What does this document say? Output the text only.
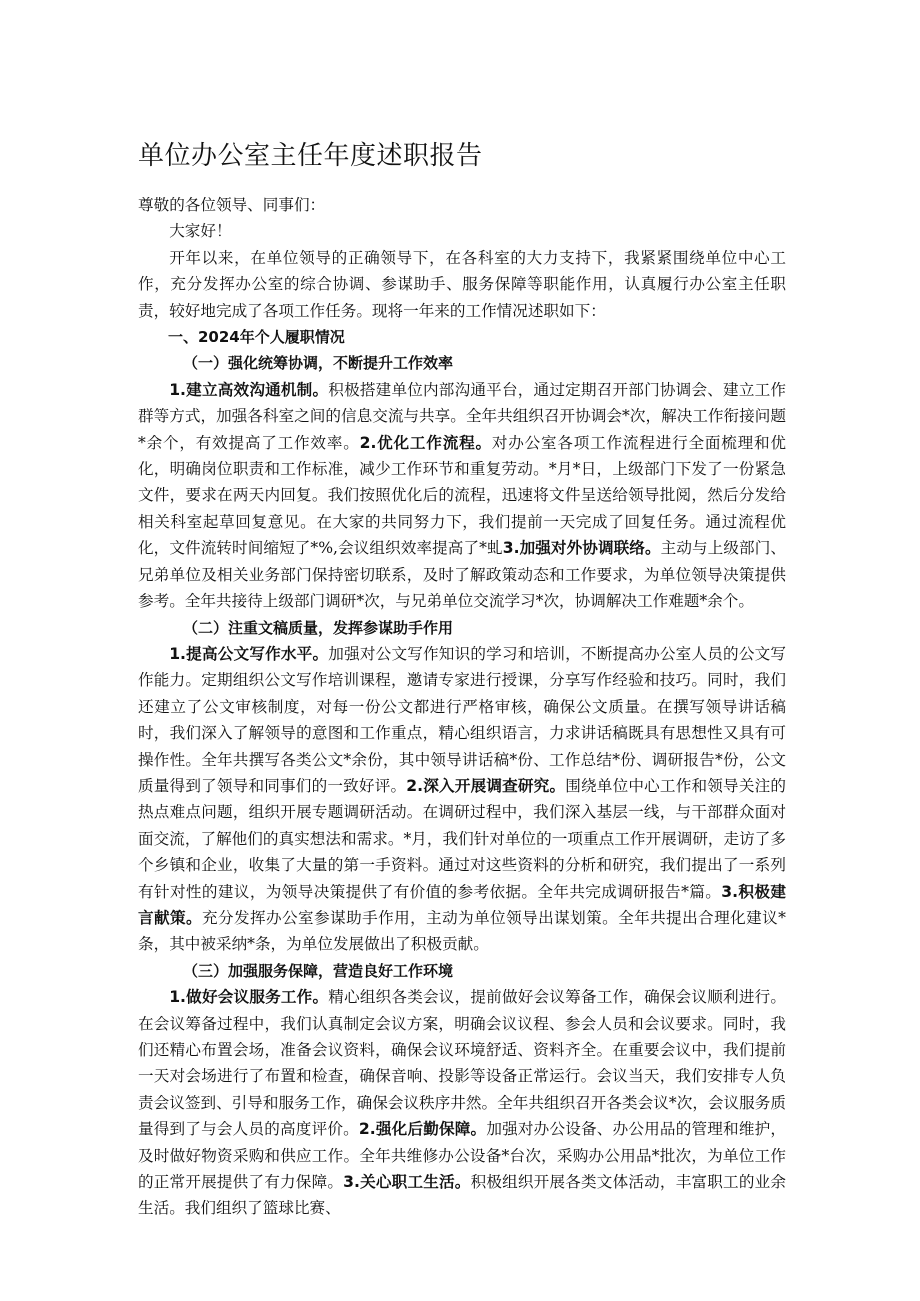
单位办公室主任年度述职报告

尊敬的各位领导、同事们：

大家好！

开年以来，在单位领导的正确领导下，在各科室的大力支持下，我紧紧围绕单位中心工作，充分发挥办公室的综合协调、参谋助手、服务保障等职能作用，认真履行办公室主任职责，较好地完成了各项工作任务。现将一年来的工作情况述职如下：

一、2024年个人履职情况

（一）强化统筹协调，不断提升工作效率

1.建立高效沟通机制。积极搭建单位内部沟通平台，通过定期召开部门协调会、建立工作群等方式，加强各科室之间的信息交流与共享。全年共组织召开协调会*次，解决工作衔接问题*余个，有效提高了工作效率。2.优化工作流程。对办公室各项工作流程进行全面梳理和优化，明确岗位职责和工作标准，减少工作环节和重复劳动。*月*日，上级部门下发了一份紧急文件，要求在两天内回复。我们按照优化后的流程，迅速将文件呈送给领导批阅，然后分发给相关科室起草回复意见。在大家的共同努力下，我们提前一天完成了回复任务。通过流程优化，文件流转时间缩短了*%,会议组织效率提高了*虬3.加强对外协调联络。主动与上级部门、兄弟单位及相关业务部门保持密切联系，及时了解政策动态和工作要求，为单位领导决策提供参考。全年共接待上级部门调研*次，与兄弟单位交流学习*次，协调解决工作难题*余个。

（二）注重文稿质量，发挥参谋助手作用

1.提高公文写作水平。加强对公文写作知识的学习和培训，不断提高办公室人员的公文写作能力。定期组织公文写作培训课程，邀请专家进行授课，分享写作经验和技巧。同时，我们还建立了公文审核制度，对每一份公文都进行严格审核，确保公文质量。在撰写领导讲话稿时，我们深入了解领导的意图和工作重点，精心组织语言，力求讲话稿既具有思想性又具有可操作性。全年共撰写各类公文*余份，其中领导讲话稿*份、工作总结*份、调研报告*份，公文质量得到了领导和同事们的一致好评。2.深入开展调查研究。围绕单位中心工作和领导关注的热点难点问题，组织开展专题调研活动。在调研过程中，我们深入基层一线，与干部群众面对面交流，了解他们的真实想法和需求。*月，我们针对单位的一项重点工作开展调研，走访了多个乡镇和企业，收集了大量的第一手资料。通过对这些资料的分析和研究，我们提出了一系列有针对性的建议，为领导决策提供了有价值的参考依据。全年共完成调研报告*篇。3.积极建言献策。充分发挥办公室参谋助手作用，主动为单位领导出谋划策。全年共提出合理化建议*条，其中被采纳*条，为单位发展做出了积极贡献。

（三）加强服务保障，营造良好工作环境

1.做好会议服务工作。精心组织各类会议，提前做好会议筹备工作，确保会议顺利进行。在会议筹备过程中，我们认真制定会议方案，明确会议议程、参会人员和会议要求。同时，我们还精心布置会场，准备会议资料，确保会议环境舒适、资料齐全。在重要会议中，我们提前一天对会场进行了布置和检查，确保音响、投影等设备正常运行。会议当天，我们安排专人负责会议签到、引导和服务工作，确保会议秩序井然。全年共组织召开各类会议*次，会议服务质量得到了与会人员的高度评价。2.强化后勤保障。加强对办公设备、办公用品的管理和维护，及时做好物资采购和供应工作。全年共维修办公设备*台次，采购办公用品*批次，为单位工作的正常开展提供了有力保障。3.关心职工生活。积极组织开展各类文体活动，丰富职工的业余生活。我们组织了篮球比赛、
